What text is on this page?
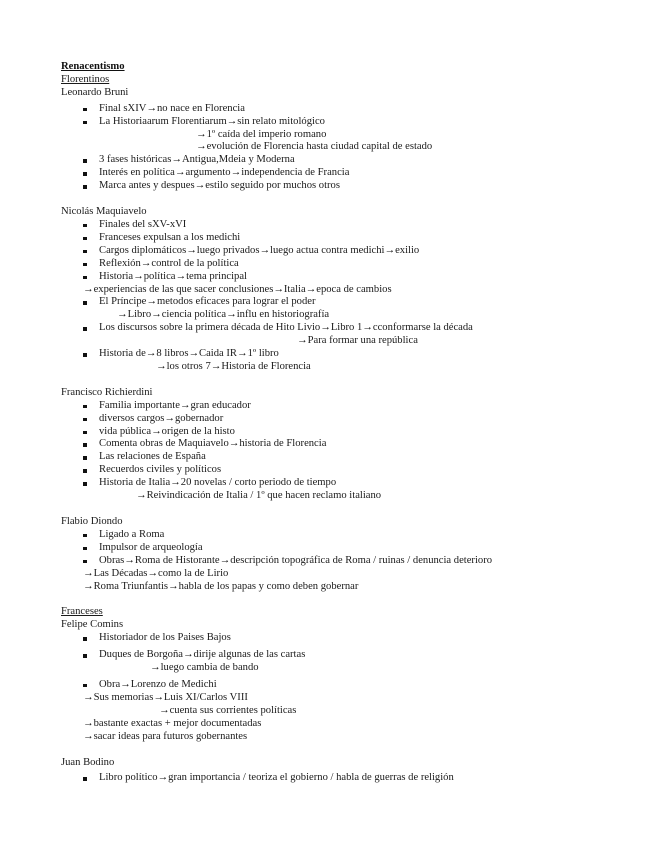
Renacentismo
Florentinos
Leonardo Bruni
Final sXIV→no nace en Florencia
La Historiaarum Florentiarum→sin relato mitológico
→1º caída del imperio romano
→evolución de Florencia hasta ciudad capital de estado
3 fases históricas→Antigua,Mdeia y Moderna
Interés en política→argumento→independencia de Francia
Marca antes y despues→estilo seguido por muchos otros
Nicolás Maquiavelo
Finales del sXV-xVI
Franceses expulsan a los medichi
Cargos diplomáticos→luego privados→luego actua contra medichi→exilio
Reflexión→control de la política
Historia→política→tema principal
→experiencias de las que sacer conclusiones→Italia→epoca de cambios
El Príncipe→metodos eficaces para lograr el poder
→Libro→ciencia política→influ en historiografía
Los discursos sobre la primera década de Hito Livio→Libro 1→cconformarse la década
→Para formar una república
Historia de→8 libros→Caida IR→1º libro
→los otros 7→Historia de Florencia
Francisco Richierdini
Familia importante→gran educador
diversos cargos→gobernador
vida pública→origen de la histo
Comenta obras de Maquiavelo→historia de Florencia
Las relaciones de España
Recuerdos civiles y políticos
Historia de Italia→20 novelas / corto periodo de tiempo
→Reivindicación de Italia / 1º que hacen reclamo italiano
Flabio Diondo
Ligado a Roma
Impulsor de arqueología
Obras→Roma de Historante→descripción topográfica de Roma / ruinas / denuncia deterioro
→Las Décadas→como la de Lirio
→Roma Triunfantis→habla de los papas y como deben gobernar
Franceses
Felipe Comins
Historiador de los Paises Bajos
Duques de Borgoña→dirije algunas de las cartas
→luego cambia de bando
Obra→Lorenzo de Medichi
→Sus memorias→Luis XI/Carlos VIII
→cuenta sus corrientes políticas
→bastante exactas + mejor documentadas
→sacar ideas para futuros gobernantes
Juan Bodino
Libro político→gran importancia / teoriza el gobierno / habla de guerras de religión
